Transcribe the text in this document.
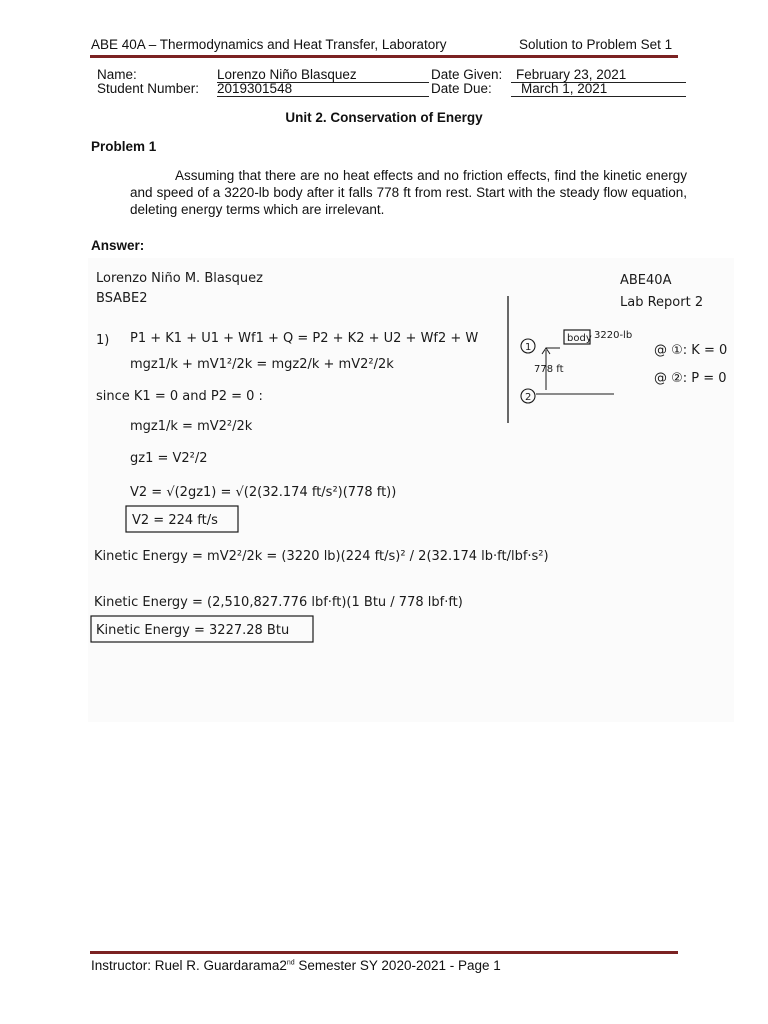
ABE 40A – Thermodynamics and Heat Transfer, Laboratory	Solution to Problem Set 1
Name:	Lorenzo Niño Blasquez	Date Given:	February 23, 2021
Student Number: 2019301548	Date Due:	March 1, 2021
Unit 2. Conservation of Energy
Problem 1
Assuming that there are no heat effects and no friction effects, find the kinetic energy and speed of a 3220-lb body after it falls 778 ft from rest. Start with the steady flow equation, deleting energy terms which are irrelevant.
Answer:
Lorenzo Niño M. Blasquez
BSABE2
ABE40A
Lab Report 2
body 3220-lb
1
778 ft
2
@ ①: K = 0
@ ②: P = 0
1) P1 + K1 + U1 + Wf1 + Q = P2 + K2 + U2 + Wf2 + W
mgz1/k + mV1²/2k = mgz2/k + mV2²/2k
since K1 = 0 and P2 = 0 :
mgz1/k = mV2²/2k
gz1 = V2²/2
V2 = √(2gz1) = √(2(32.174 ft/s²)(778 ft))
V2 = 224 ft/s
Kinetic Energy = mV2²/2k = (3220 lb)(224 ft/s)² / 2(32.174 lb·ft/lbf·s²)
Kinetic Energy = (2,510,827.776 lbf·ft)(1 Btu / 778 lbf·ft)
Kinetic Energy = 3227.28 Btu
Instructor: Ruel R. Guardarama2nd Semester SY 2020-2021 - Page 1
